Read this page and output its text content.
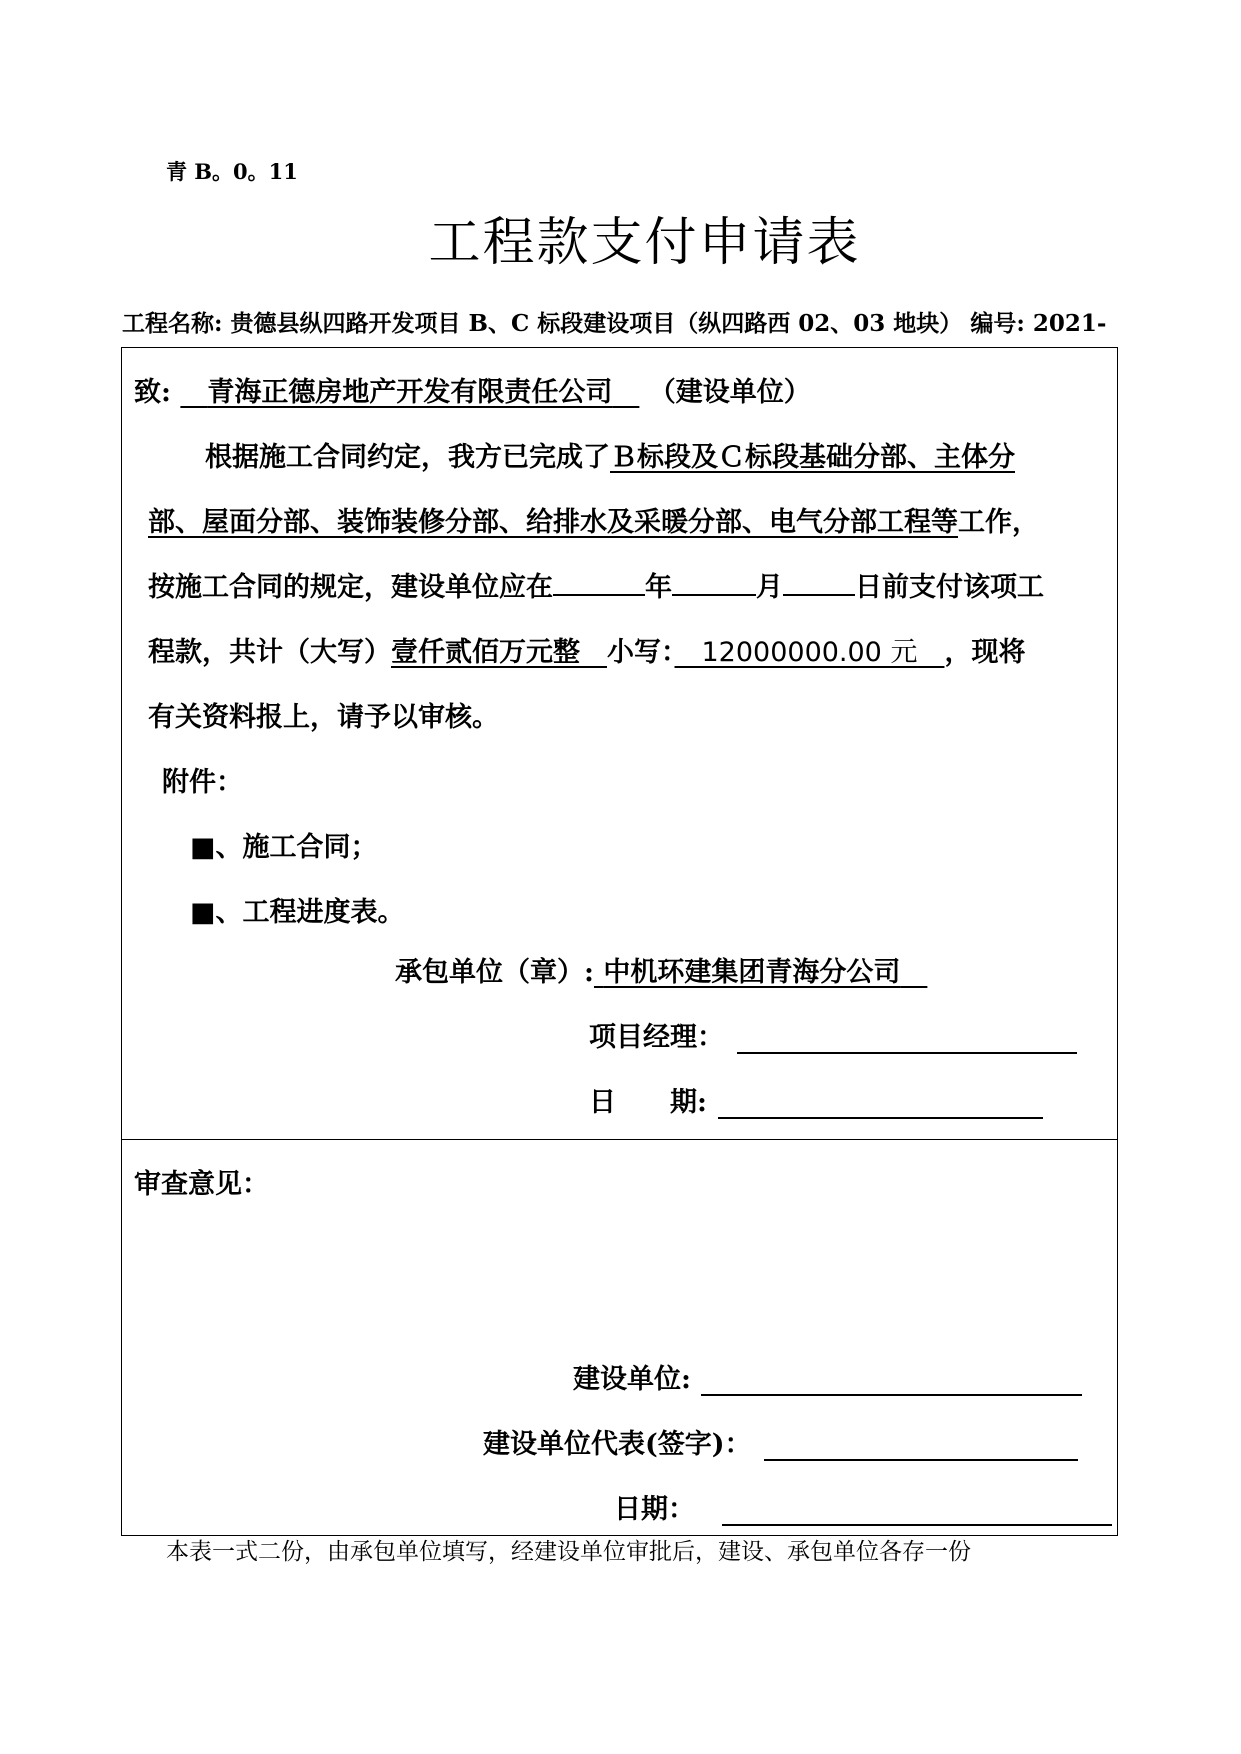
青 B。0。11
工程款支付申请表
工程名称: 贵德县纵四路开发项目 B、C 标段建设项目（纵四路西 02、03 地块） 编号: 2021-
致: 　 青海正德房地产开发有限责任公司　 （建设单位）
根据施工合同约定，我方已完成了Ｂ标段及Ｃ标段基础分部、主体分
部、屋面分部、装饰装修分部、给排水及采暖分部、电气分部工程等工作，
按施工合同的规定，建设单位应在	年	月	日前支付该项工
程款，共计（大写）壹仟贰佰万元整　 小写：　 12000000.00 元　 ，现将
有关资料报上，请予以审核。
附件：
■、施工合同；
■、工程进度表。
承包单位（章）: 中机环建集团青海分公司　
项目经理：
日　　期:
审查意见：
建设单位:
建设单位代表(签字)：
日期：
本表一式二份，由承包单位填写，经建设单位审批后，建设、承包单位各存一份
